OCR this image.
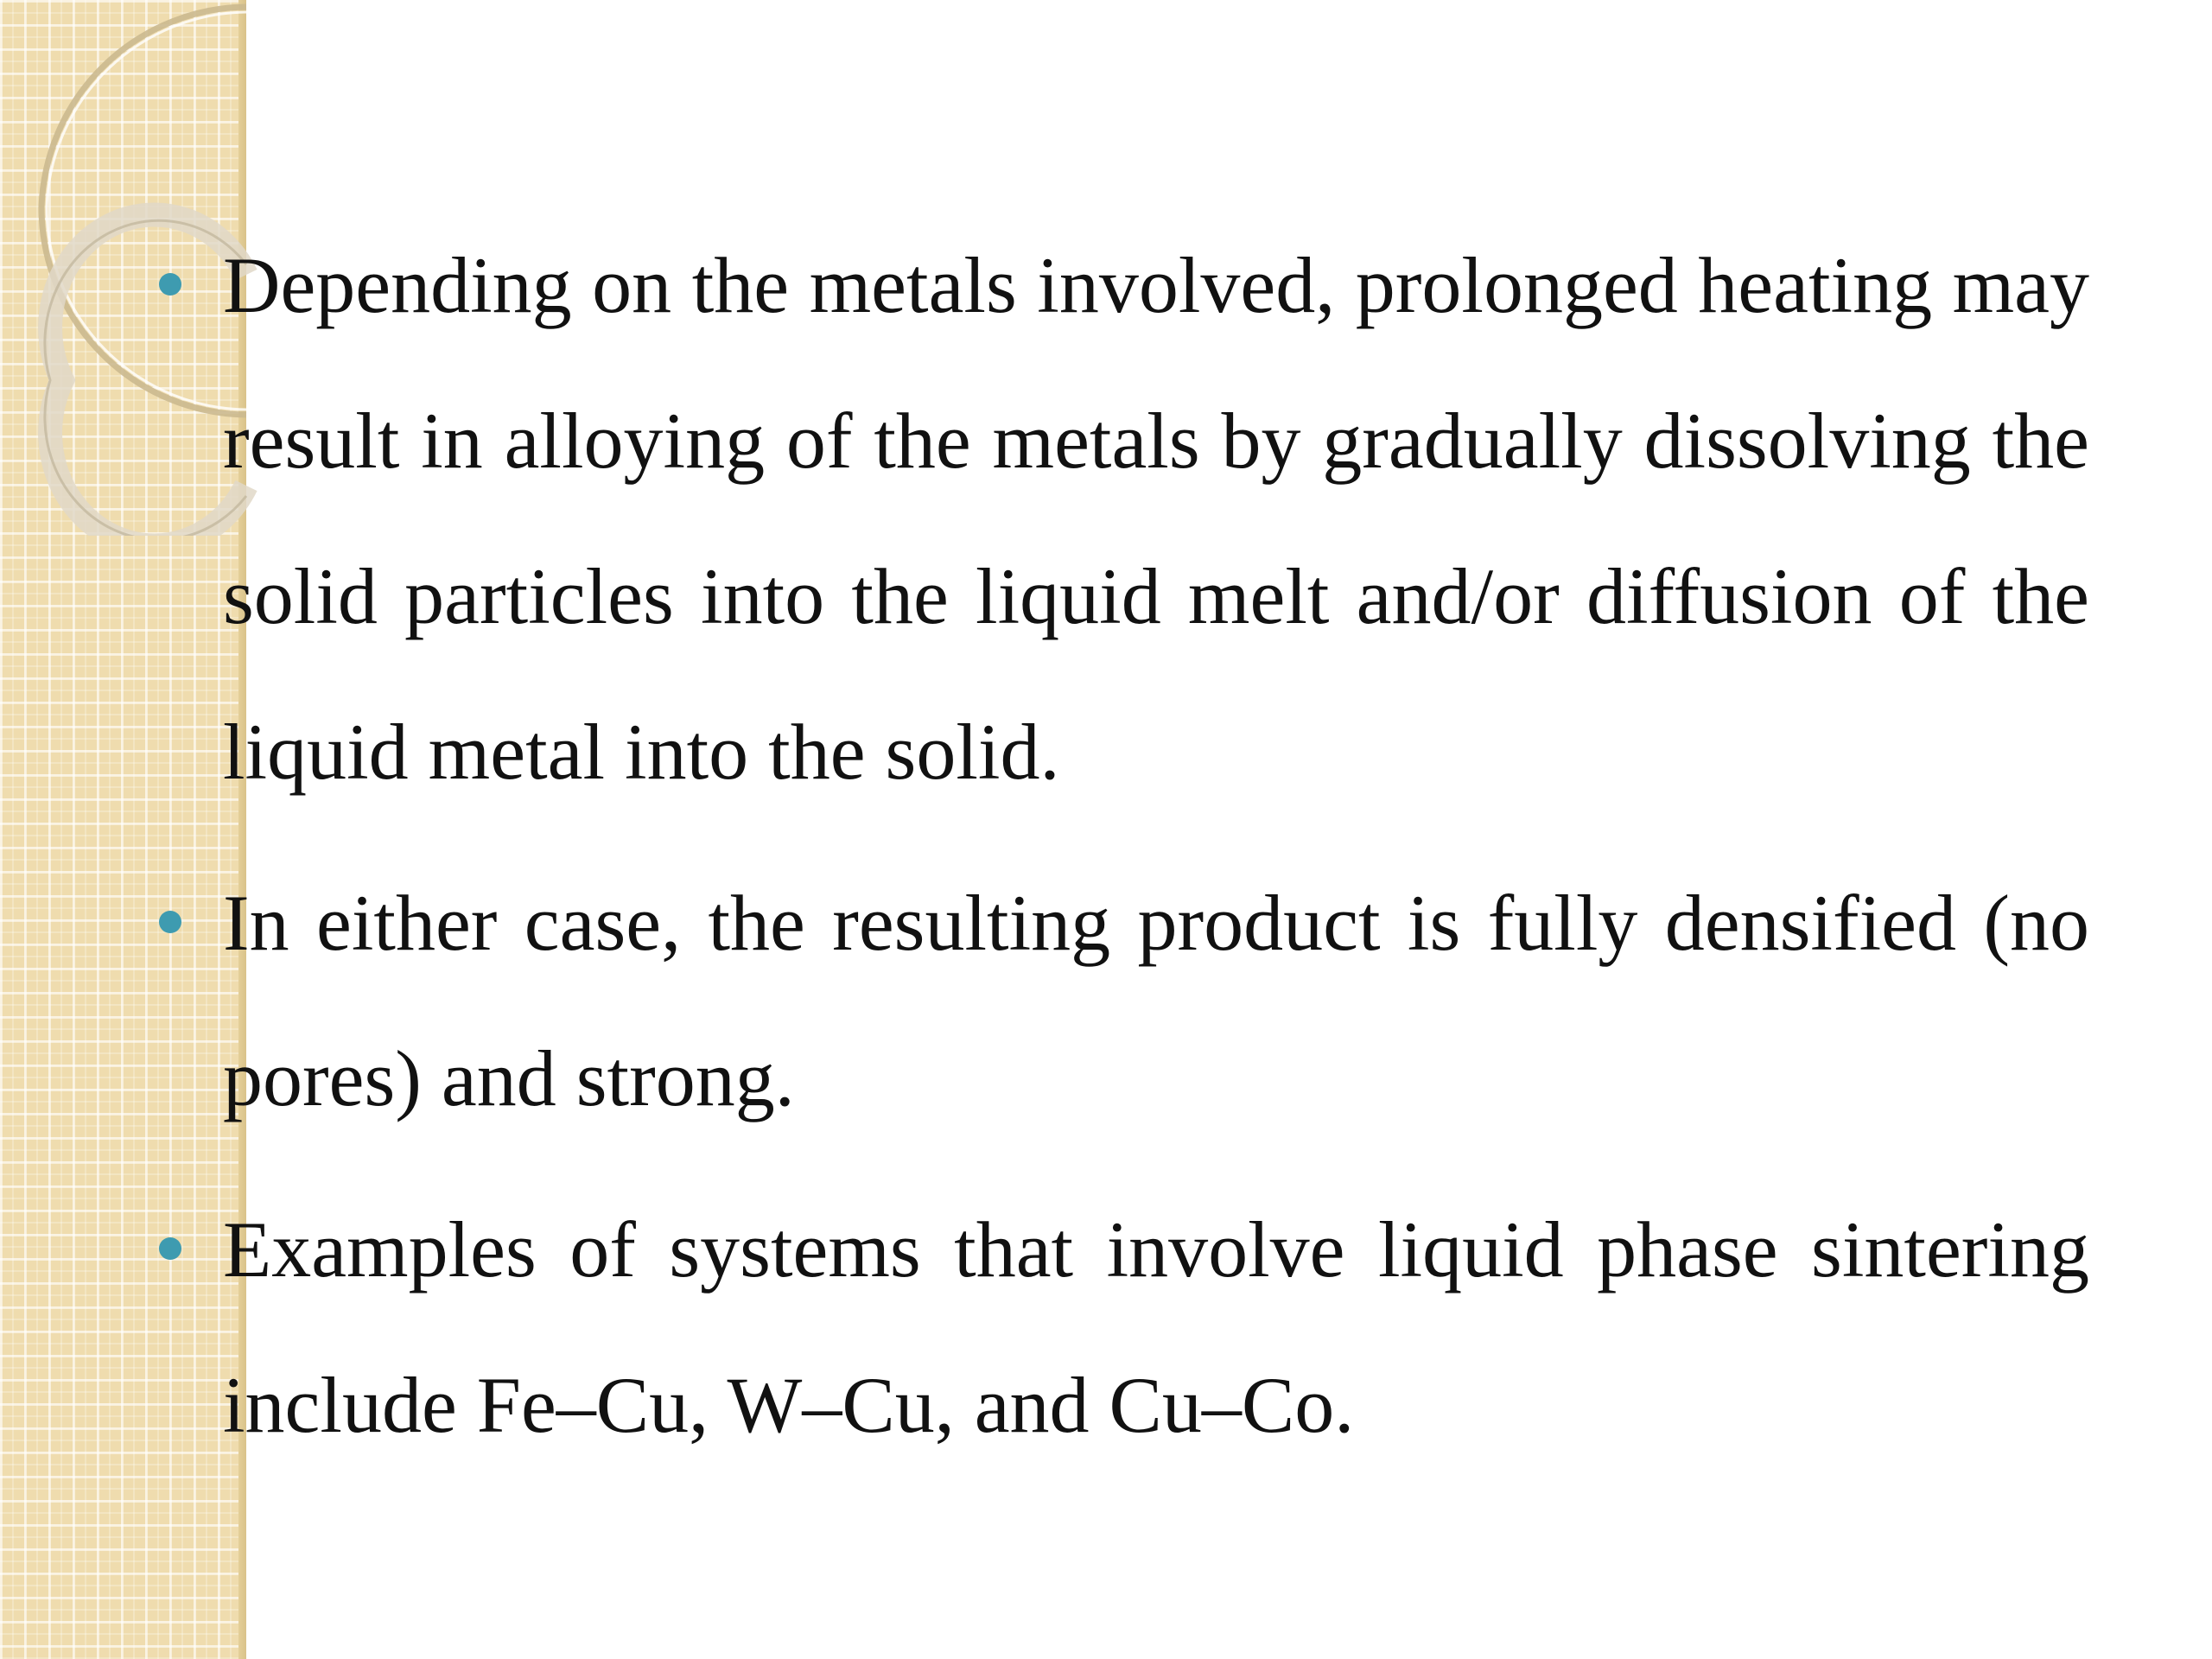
Depending on the metals involved, prolonged heating may result in alloying of the metals by gradually dissolving the solid particles into the liquid melt and/or diffusion of the liquid metal into the solid.

In either case, the resulting product is fully densified (no pores) and strong.

Examples of systems that involve liquid phase sintering include Fe–Cu, W–Cu, and Cu–Co.
